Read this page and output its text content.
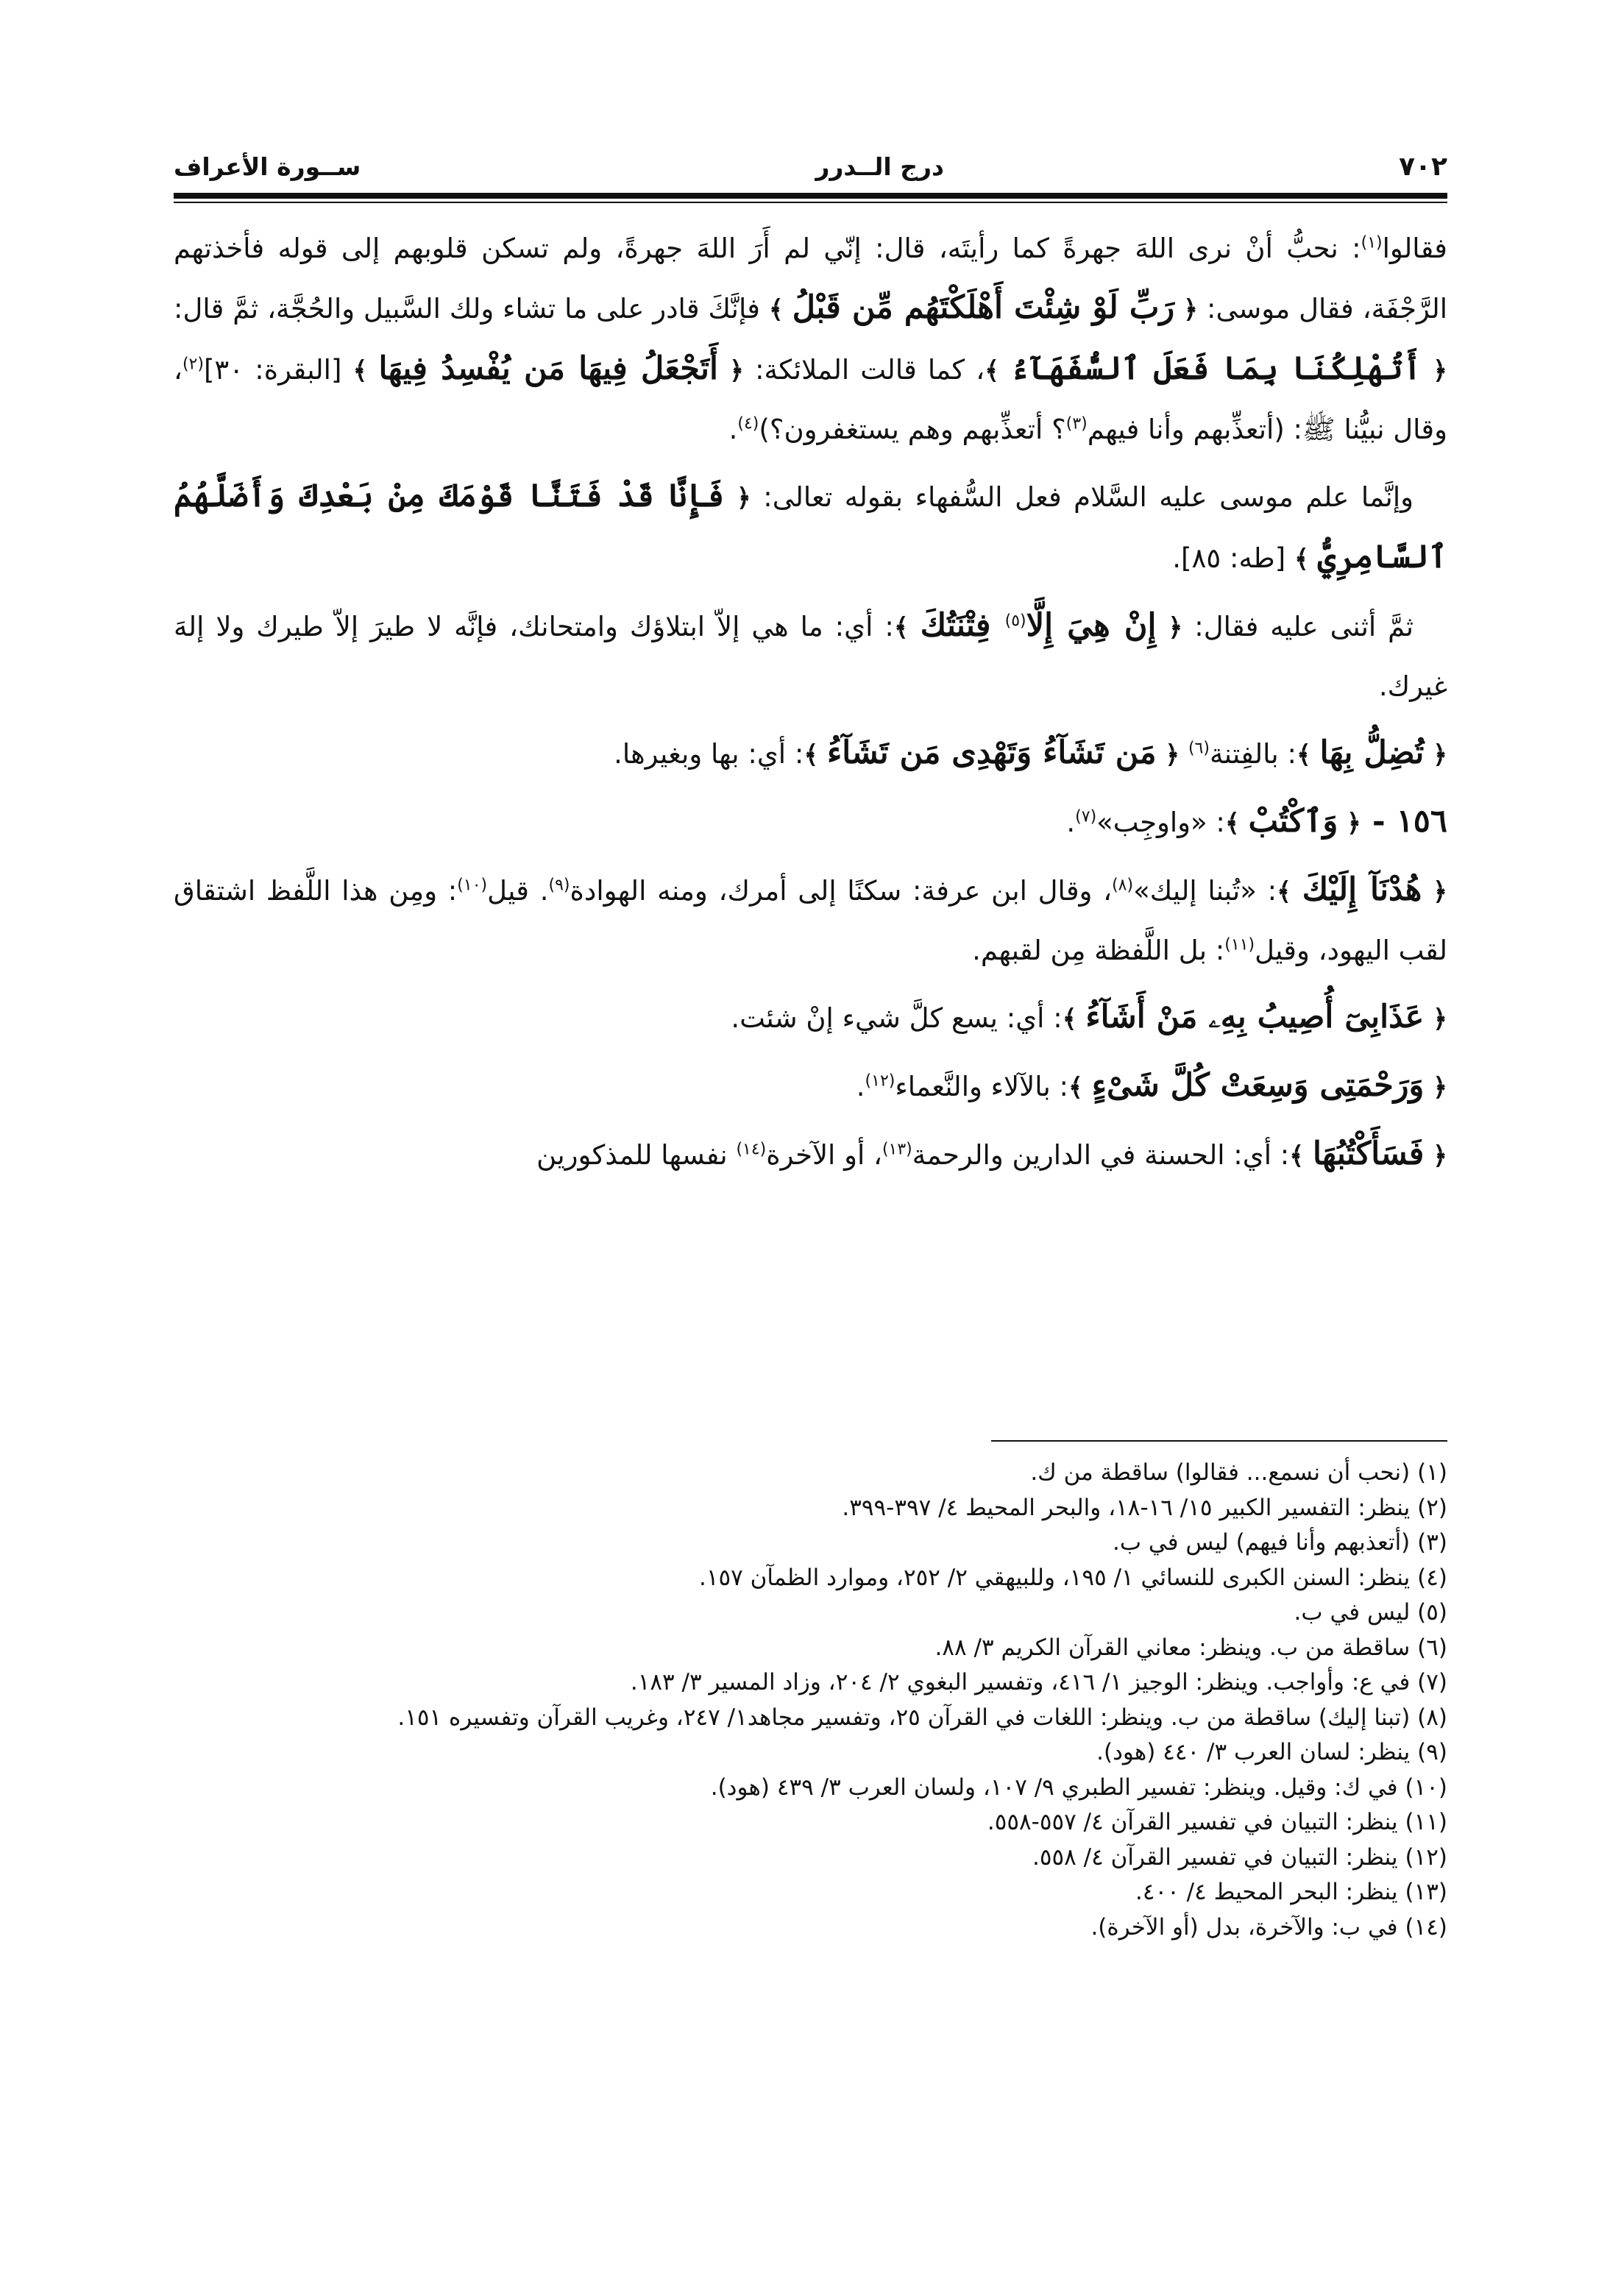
٧٠٢
درج الــدرر
ســورة الأعراف

فقالوا$^{(١)}$: نحبُّ أنْ نرى اللهَ جهرةً كما رأيتَه، قال: إنّي لم أَرَ اللهَ جهرةً، ولم تسكن قلوبهم إلى قوله فأخذتهم الرَّجْفَة، فقال موسى: ﴿ رَبِّ لَوْ شِئْتَ أَهْلَكْتَهُم مِّن قَبْلُ ﴾ فإنَّكَ قادر على ما تشاء ولك السَّبيل والحُجَّة، ثمَّ قال: ﴿ أَتُهْلِكُنَا بِمَا فَعَلَ ٱلسُّفَهَآءُ ﴾، كما قالت الملائكة: ﴿ أَتَجْعَلُ فِيهَا مَن يُفْسِدُ فِيهَا ﴾ [البقرة: ٣٠]$^{(٢)}$، وقال نبيُّنا ﷺ: (أتعذِّبهم وأنا فيهم$^{(٣)}$؟ أتعذِّبهم وهم يستغفرون؟)$^{(٤)}$.

وإنَّما علم موسى عليه السَّلام فعل السُّفهاء بقوله تعالى: ﴿ فَإِنَّا قَدْ فَتَنَّا قَوْمَكَ مِنْ بَعْدِكَ وَأَضَلَّهُمُ ٱلسَّامِرِيُّ ﴾ [طه: ٨٥].

ثمَّ أثنى عليه فقال: ﴿ إِنْ هِيَ إِلَّا$^{(٥)}$ فِتْنَتُكَ ﴾: أي: ما هي إلاّ ابتلاؤك وامتحانك، فإنَّه لا طيرَ إلاّ طيرك ولا إلهَ غيرك.

﴿ تُضِلُّ بِهَا ﴾: بالفِتنة$^{(٦)}$ ﴿ مَن تَشَآءُ وَتَهْدِى مَن تَشَآءُ ﴾: أي: بها وبغيرها.

١٥٦ - ﴿ وَٱكْتُبْ ﴾: «واوجِب»$^{(٧)}$.

﴿ هُدْنَآ إِلَيْكَ ﴾: «تُبنا إليك»$^{(٨)}$، وقال ابن عرفة: سكنًا إلى أمرك، ومنه الهوادة$^{(٩)}$. قيل$^{(١٠)}$: ومِن هذا اللَّفظ اشتقاق لقب اليهود، وقيل$^{(١١)}$: بل اللَّفظة مِن لقبهم.

﴿ عَذَابِىٓ أُصِيبُ بِهِۦ مَنْ أَشَآءُ ﴾: أي: يسع كلَّ شيء إنْ شئت.

﴿ وَرَحْمَتِى وَسِعَتْ كُلَّ شَىْءٍ ﴾: بالآلاء والنَّعماء$^{(١٢)}$.

﴿ فَسَأَكْتُبُهَا ﴾: أي: الحسنة في الدارين والرحمة$^{(١٣)}$، أو الآخرة$^{(١٤)}$ نفسها للمذكورين

(١) (نحب أن نسمع... فقالوا) ساقطة من ك.
(٢) ينظر: التفسير الكبير ١٥/ ١٦-١٨، والبحر المحيط ٤/ ٣٩٧-٣٩٩.
(٣) (أتعذبهم وأنا فيهم) ليس في ب.
(٤) ينظر: السنن الكبرى للنسائي ١/ ١٩٥، وللبيهقي ٢/ ٢٥٢، وموارد الظمآن ١٥٧.
(٥) ليس في ب.
(٦) ساقطة من ب. وينظر: معاني القرآن الكريم ٣/ ٨٨.
(٧) في ع: وأواجب. وينظر: الوجيز ١/ ٤١٦، وتفسير البغوي ٢/ ٢٠٤، وزاد المسير ٣/ ١٨٣.
(٨) (تبنا إليك) ساقطة من ب. وينظر: اللغات في القرآن ٢٥، وتفسير مجاهد١/ ٢٤٧، وغريب القرآن وتفسيره ١٥١.
(٩) ينظر: لسان العرب ٣/ ٤٤٠ (هود).
(١٠) في ك: وقيل. وينظر: تفسير الطبري ٩/ ١٠٧، ولسان العرب ٣/ ٤٣٩ (هود).
(١١) ينظر: التبيان في تفسير القرآن ٤/ ٥٥٧-٥٥٨.
(١٢) ينظر: التبيان في تفسير القرآن ٤/ ٥٥٨.
(١٣) ينظر: البحر المحيط ٤/ ٤٠٠.
(١٤) في ب: والآخرة، بدل (أو الآخرة).
